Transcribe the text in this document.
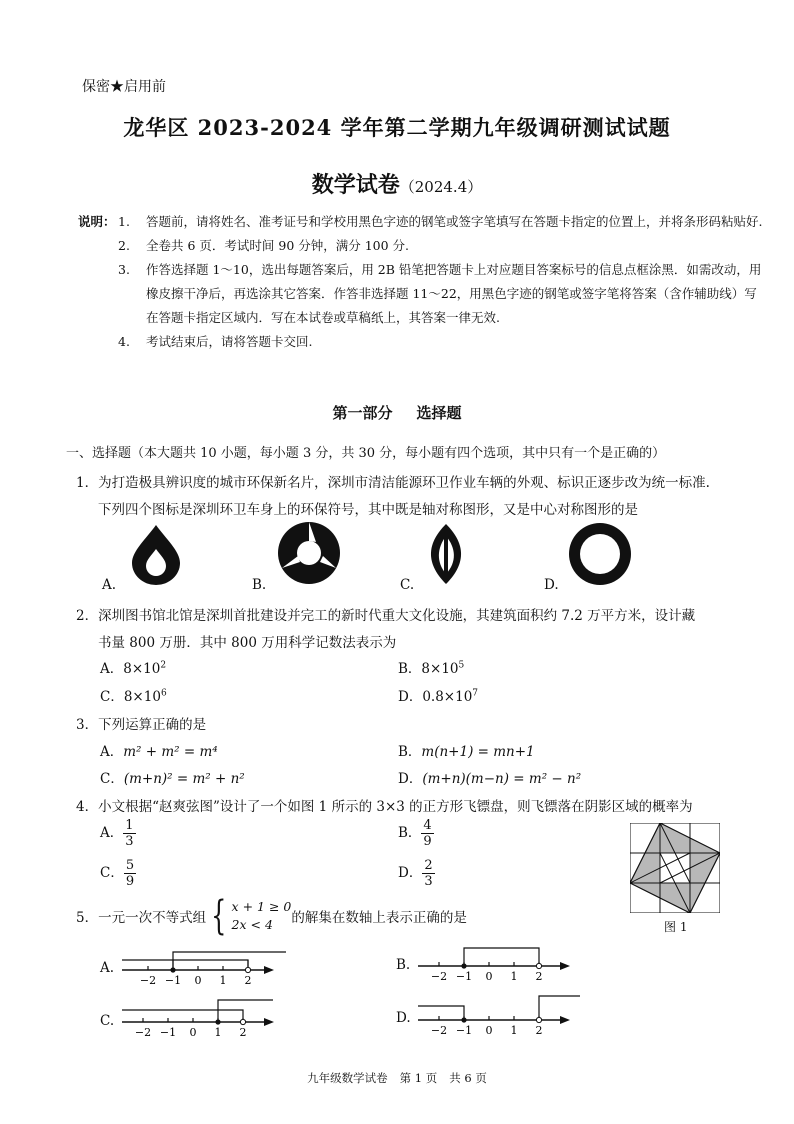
保密★启用前
龙华区 2023-2024 学年第二学期九年级调研测试试题
数学试卷（2024.4）
说明： 1.	答题前，请将姓名、准考证号和学校用黑色字迹的钢笔或签字笔填写在答题卡指定的位置上，并将条形码粘贴好.
2.	全卷共 6 页．考试时间 90 分钟，满分 100 分.
3.	作答选择题 1～10，选出每题答案后，用 2B 铅笔把答题卡上对应题目答案标号的信息点框涂黑．如需改动，用橡皮擦干净后，再选涂其它答案．作答非选择题 11～22，用黑色字迹的钢笔或签字笔将答案（含作辅助线）写在答题卡指定区域内．写在本试卷或草稿纸上，其答案一律无效.
4.	考试结束后，请将答题卡交回.
第一部分 选择题
一、选择题（本大题共 10 小题，每小题 3 分，共 30 分，每小题有四个选项，其中只有一个是正确的）
1．为打造极具辨识度的城市环保新名片，深圳市清洁能源环卫作业车辆的外观、标识正逐步改为统一标准.
下列四个图标是深圳环卫车身上的环保符号，其中既是轴对称图形，又是中心对称图形的是
A.	B.	C.	D.
2．深圳图书馆北馆是深圳首批建设并完工的新时代重大文化设施，其建筑面积约 7.2 万平方米，设计藏
书量 800 万册．其中 800 万用科学记数法表示为
A．$8\times 10^2$	B．$8\times 10^5$
C．$8\times 10^6$	D．$0.8\times 10^7$
3．下列运算正确的是
A．m² + m² = m⁴	B．m(n+1) = mn+1
C．(m+n)² = m² + n²	D．(m+n)(m−n) = m² − n²
4．小文根据“赵爽弦图”设计了一个如图 1 所示的 3×3 的正方形飞镖盘，则飞镖落在阴影区域的概率为
A． $\frac{1}{3}$	B． $\frac{4}{9}$
C． $\frac{5}{9}$	D． $\frac{2}{3}$
图 1
5．一元一次不等式组 { x + 1 ≥ 0
2x < 4	的解集在数轴上表示正确的是
A.
−2 −1 0 1 2
B.
−2 −1 0 1 2
C.
−2 −1 0 1 2
D.
−2 −1 0 1 2
九年级数学试卷 第 1 页 共 6 页
